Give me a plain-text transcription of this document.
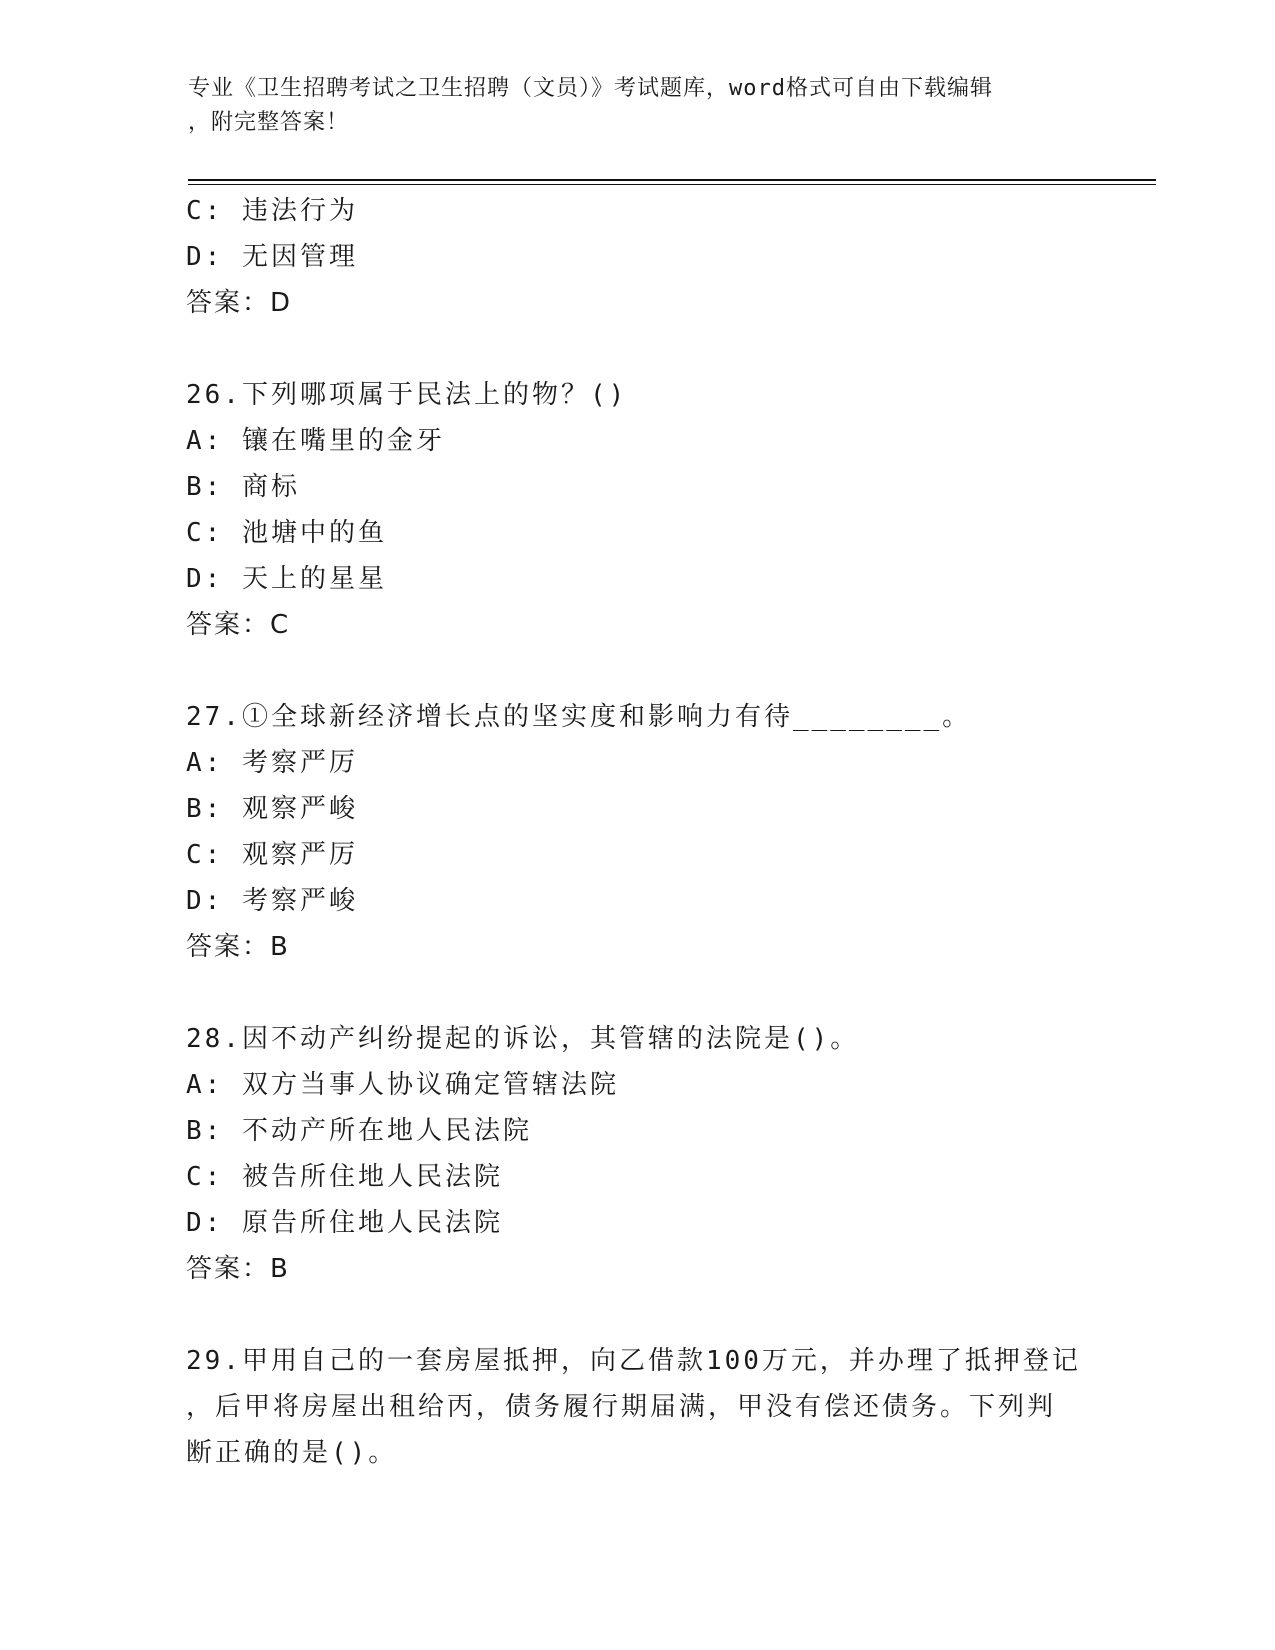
专业《卫生招聘考试之卫生招聘（文员）》考试题库，word格式可自由下载编辑
，附完整答案！
C: 违法行为
D: 无因管理
答案：D
26.下列哪项属于民法上的物？()
A: 镶在嘴里的金牙
B: 商标
C: 池塘中的鱼
D: 天上的星星
答案：C
27.①全球新经济增长点的坚实度和影响力有待________。
A: 考察严厉
B: 观察严峻
C: 观察严厉
D: 考察严峻
答案：B
28.因不动产纠纷提起的诉讼，其管辖的法院是()。
A: 双方当事人协议确定管辖法院
B: 不动产所在地人民法院
C: 被告所住地人民法院
D: 原告所住地人民法院
答案：B
29.甲用自己的一套房屋抵押，向乙借款100万元，并办理了抵押登记
，后甲将房屋出租给丙，债务履行期届满，甲没有偿还债务。下列判
断正确的是()。
